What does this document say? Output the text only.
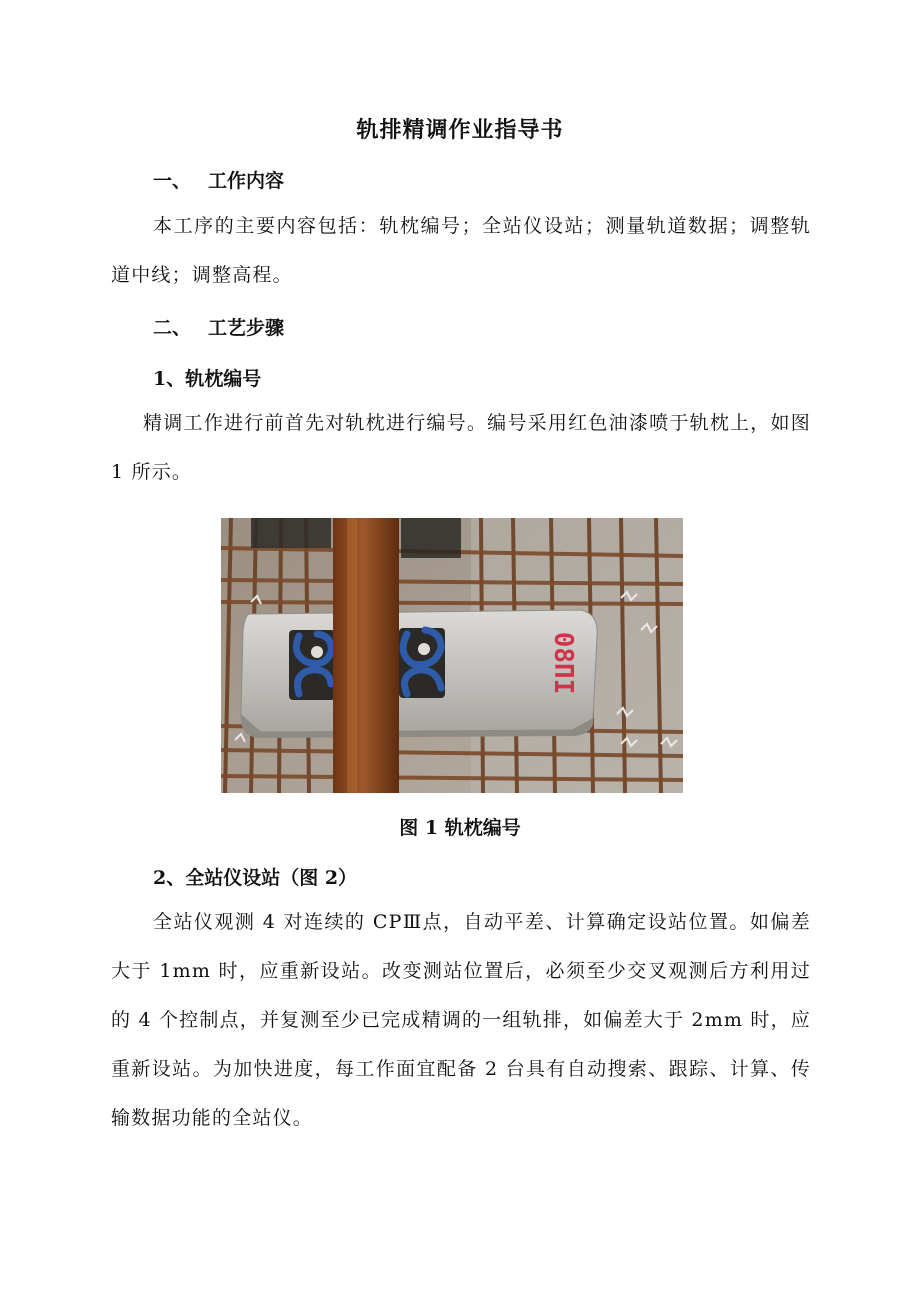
轨排精调作业指导书
一、 工作内容

本工序的主要内容包括：轨枕编号；全站仪设站；测量轨道数据；调整轨道中线；调整高程。

二、 工艺步骤
1、轨枕编号

精调工作进行前首先对轨枕进行编号。编号采用红色油漆喷于轨枕上，如图 1 所示。

08ΠI
图 1 轨枕编号
2、全站仪设站（图 2）

全站仪观测 4 对连续的 CPⅢ点，自动平差、计算确定设站位置。如偏差大于 1mm 时，应重新设站。改变测站位置后，必须至少交叉观测后方利用过的 4 个控制点，并复测至少已完成精调的一组轨排，如偏差大于 2mm 时，应重新设站。为加快进度，每工作面宜配备 2 台具有自动搜索、跟踪、计算、传输数据功能的全站仪。
